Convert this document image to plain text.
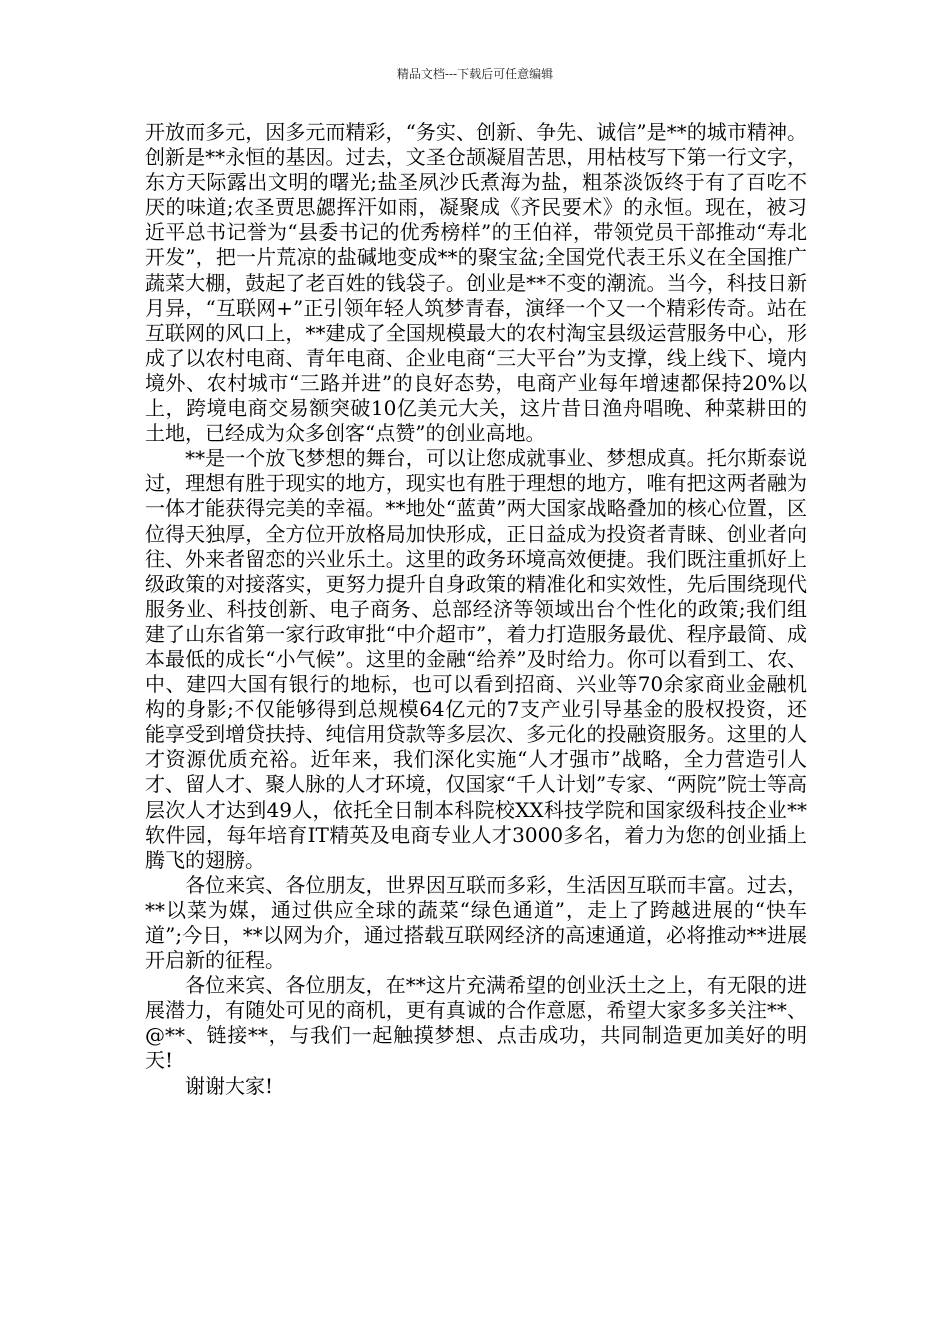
精品文档---下载后可任意编辑

开放而多元，因多元而精彩，“务实、创新、争先、诚信”是**的城市精神。创新是**永恒的基因。过去，文圣仓颉凝眉苦思，用枯枝写下第一行文字，东方天际露出文明的曙光;盐圣夙沙氏煮海为盐，粗茶淡饭终于有了百吃不厌的味道;农圣贾思勰挥汗如雨，凝聚成《齐民要术》的永恒。现在，被习近平总书记誉为“县委书记的优秀榜样”的王伯祥，带领党员干部推动“寿北开发”，把一片荒凉的盐碱地变成**的聚宝盆;全国党代表王乐义在全国推广蔬菜大棚，鼓起了老百姓的钱袋子。创业是**不变的潮流。当今，科技日新月异，“互联网+”正引领年轻人筑梦青春，演绎一个又一个精彩传奇。站在互联网的风口上，**建成了全国规模最大的农村淘宝县级运营服务中心，形成了以农村电商、青年电商、企业电商“三大平台”为支撑，线上线下、境内境外、农村城市“三路并进”的良好态势，电商产业每年增速都保持20%以上，跨境电商交易额突破10亿美元大关，这片昔日渔舟唱晚、种菜耕田的土地，已经成为众多创客“点赞”的创业高地。

　　**是一个放飞梦想的舞台，可以让您成就事业、梦想成真。托尔斯泰说过，理想有胜于现实的地方，现实也有胜于理想的地方，唯有把这两者融为一体才能获得完美的幸福。**地处“蓝黄”两大国家战略叠加的核心位置，区位得天独厚，全方位开放格局加快形成，正日益成为投资者青睐、创业者向往、外来者留恋的兴业乐土。这里的政务环境高效便捷。我们既注重抓好上级政策的对接落实，更努力提升自身政策的精准化和实效性，先后围绕现代服务业、科技创新、电子商务、总部经济等领域出台个性化的政策;我们组建了山东省第一家行政审批“中介超市”，着力打造服务最优、程序最简、成本最低的成长“小气候”。这里的金融“给养”及时给力。你可以看到工、农、中、建四大国有银行的地标，也可以看到招商、兴业等70余家商业金融机构的身影;不仅能够得到总规模64亿元的7支产业引导基金的股权投资，还能享受到增贷扶持、纯信用贷款等多层次、多元化的投融资服务。这里的人才资源优质充裕。近年来，我们深化实施“人才强市”战略，全力营造引人才、留人才、聚人脉的人才环境，仅国家“千人计划”专家、“两院”院士等高层次人才达到49人，依托全日制本科院校XX科技学院和国家级科技企业**软件园，每年培育IT精英及电商专业人才3000多名，着力为您的创业插上腾飞的翅膀。

　　各位来宾、各位朋友，世界因互联而多彩，生活因互联而丰富。过去，**以菜为媒，通过供应全球的蔬菜“绿色通道”，走上了跨越进展的“快车道”;今日，**以网为介，通过搭载互联网经济的高速通道，必将推动**进展开启新的征程。

　　各位来宾、各位朋友，在**这片充满希望的创业沃土之上，有无限的进展潜力，有随处可见的商机，更有真诚的合作意愿，希望大家多多关注**、@**、链接**，与我们一起触摸梦想、点击成功，共同制造更加美好的明天!

　　谢谢大家!
